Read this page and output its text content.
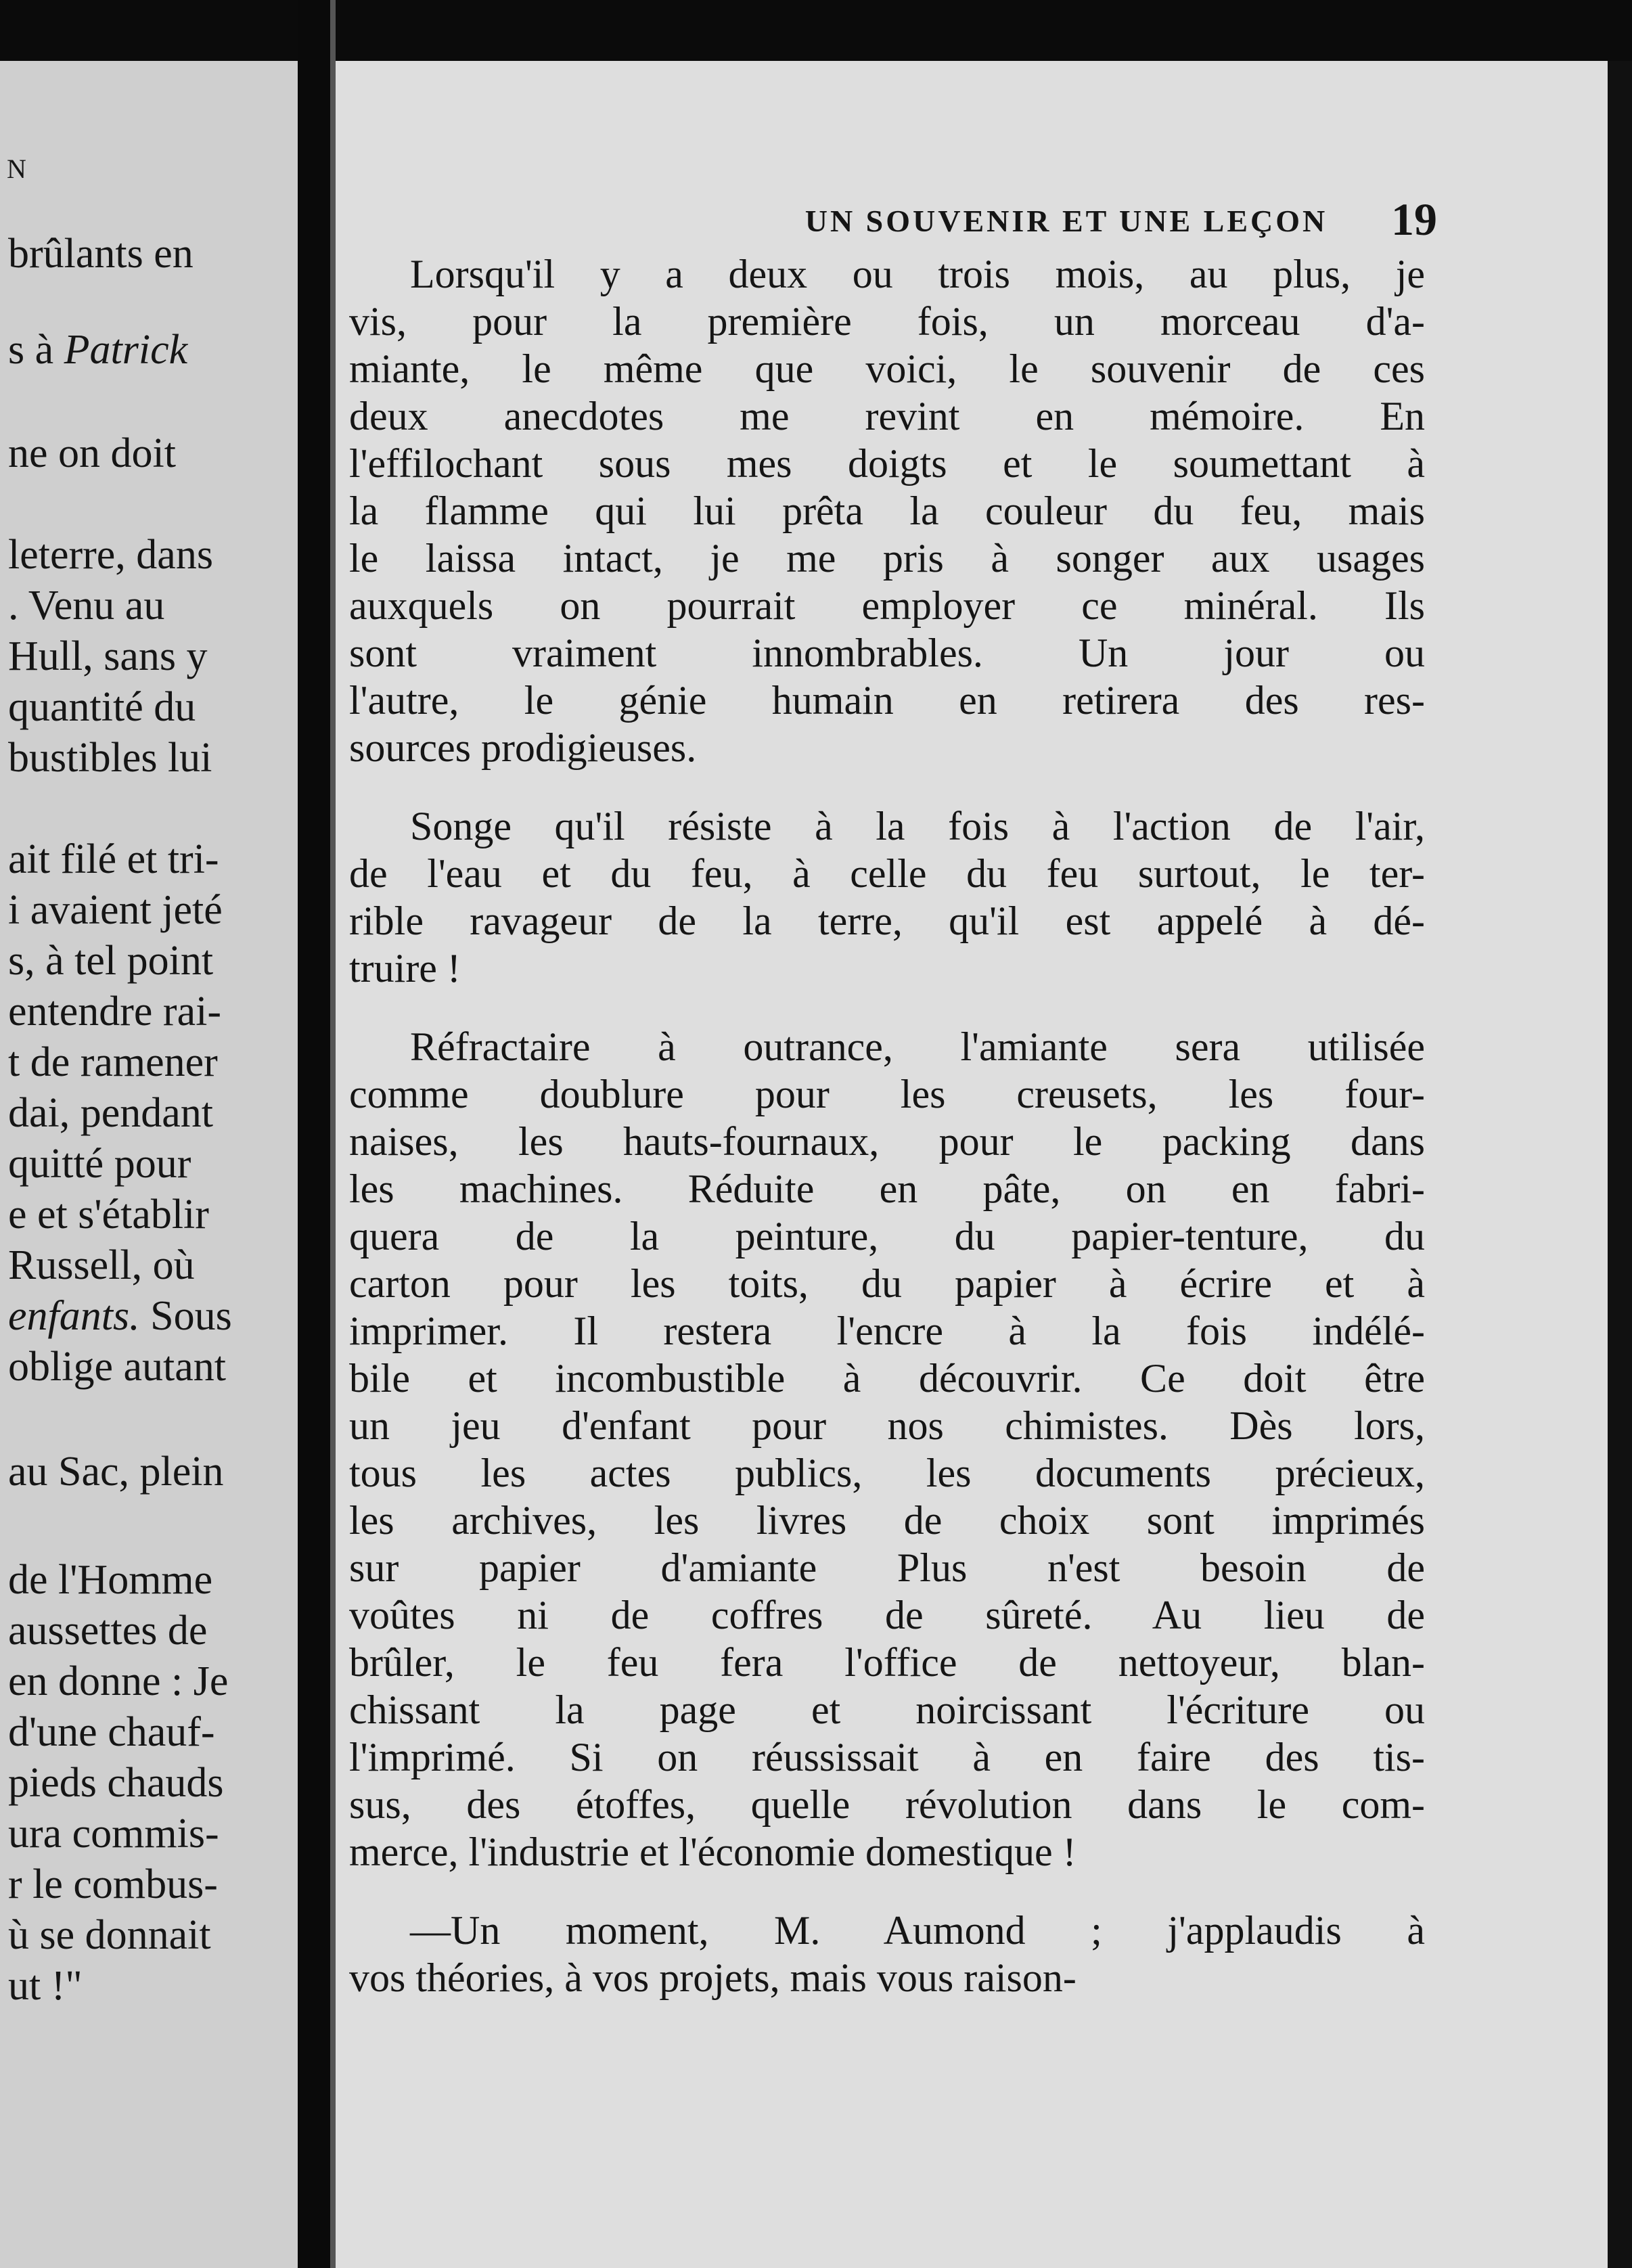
N
brûlants en
s à Patrick
ne on doit
leterre, dans
. Venu au
Hull, sans y
quantité du
bustibles lui
ait filé et tri-
i avaient jeté
s, à tel point
entendre rai-
t de ramener
dai, pendant
quitté pour
e et s'établir
Russell, où
enfants. Sous
oblige autant
au Sac, plein
de l'Homme
aussettes de
en donne : Je
d'une chauf-
pieds chauds
ura commis-
r le combus-
ù se donnait
ut !"
UN SOUVENIR ET UNE LEÇON	19
Lorsqu'il y a deux ou trois mois, au plus, je
vis, pour la première fois, un morceau d'a-
miante, le même que voici, le souvenir de ces
deux anecdotes me revint en mémoire. En
l'effilochant sous mes doigts et le soumettant à
la flamme qui lui prêta la couleur du feu, mais
le laissa intact, je me pris à songer aux usages
auxquels on pourrait employer ce minéral. Ils
sont vraiment innombrables. Un jour ou
l'autre, le génie humain en retirera des res-
sources prodigieuses.
Songe qu'il résiste à la fois à l'action de l'air,
de l'eau et du feu, à celle du feu surtout, le ter-
rible ravageur de la terre, qu'il est appelé à dé-
truire !
Réfractaire à outrance, l'amiante sera utilisée
comme doublure pour les creusets, les four-
naises, les hauts-fournaux, pour le packing dans
les machines. Réduite en pâte, on en fabri-
quera de la peinture, du papier-tenture, du
carton pour les toits, du papier à écrire et à
imprimer. Il restera l'encre à la fois indélé-
bile et incombustible à découvrir. Ce doit être
un jeu d'enfant pour nos chimistes. Dès lors,
tous les actes publics, les documents précieux,
les archives, les livres de choix sont imprimés
sur papier d'amiante Plus n'est besoin de
voûtes ni de coffres de sûreté. Au lieu de
brûler, le feu fera l'office de nettoyeur, blan-
chissant la page et noircissant l'écriture ou
l'imprimé. Si on réussissait à en faire des tis-
sus, des étoffes, quelle révolution dans le com-
merce, l'industrie et l'économie domestique !
—Un moment, M. Aumond ; j'applaudis à
vos théories, à vos projets, mais vous raison-
